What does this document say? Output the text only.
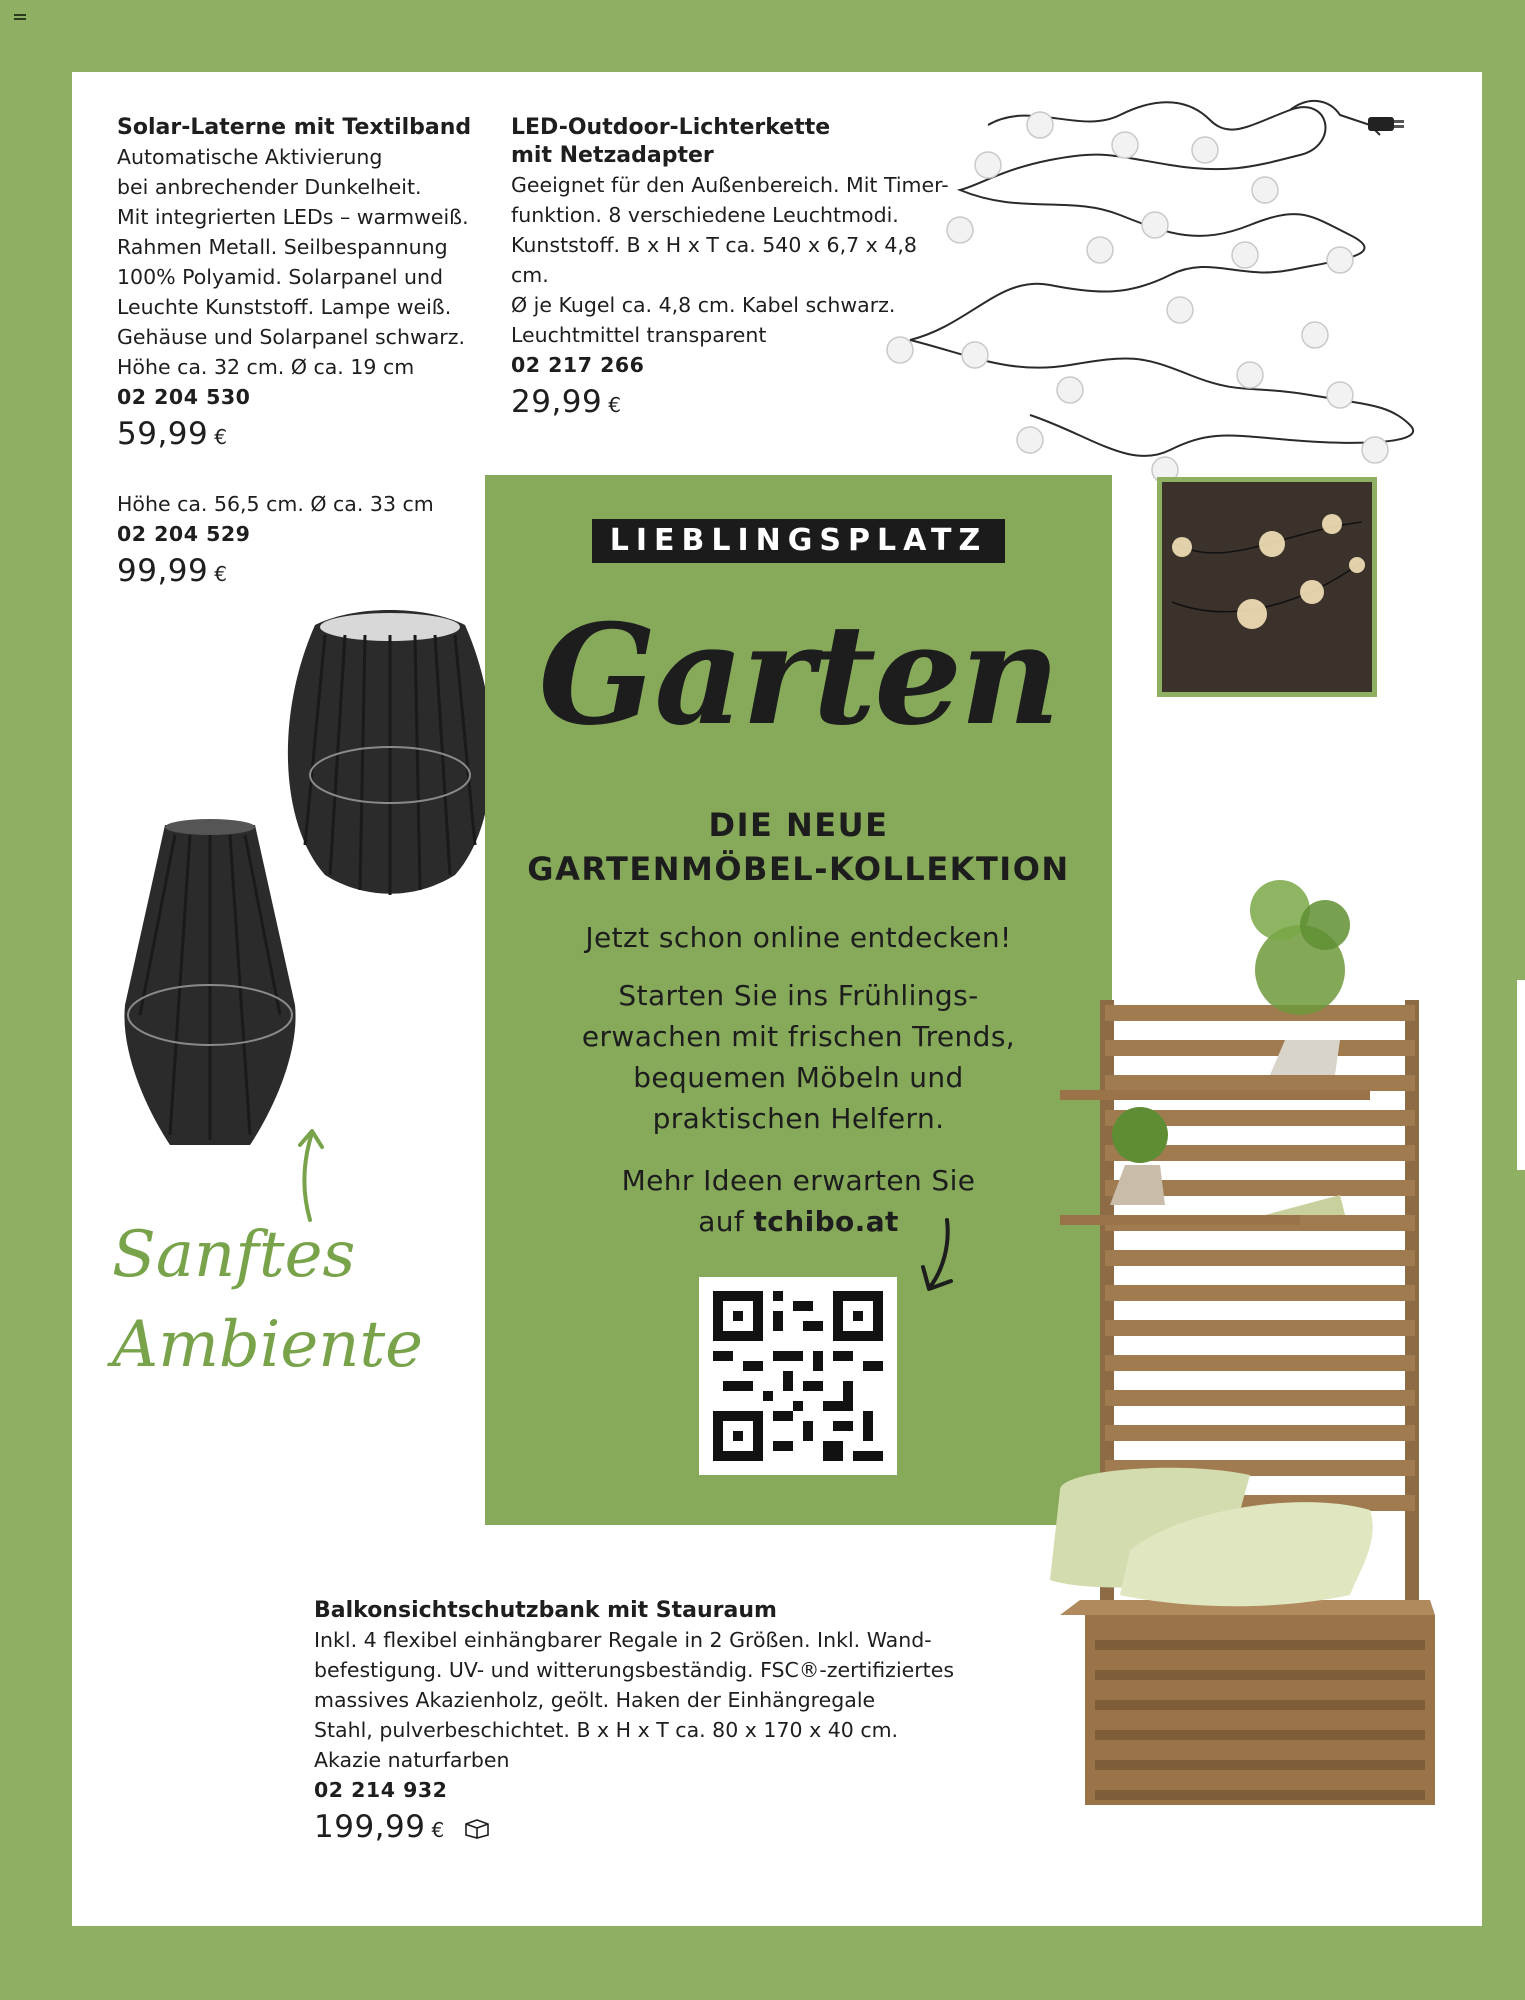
Solar-Laterne mit Textilband
Automatische Aktivierung
bei anbrechender Dunkelheit.
Mit integrierten LEDs – warmweiß.
Rahmen Metall. Seilbespannung
100% Polyamid. Solarpanel und
Leuchte Kunststoff. Lampe weiß.
Gehäuse und Solarpanel schwarz.
Höhe ca. 32 cm. Ø ca. 19 cm
02 204 530
59,99 €
Höhe ca. 56,5 cm. Ø ca. 33 cm
02 204 529
99,99 €
LED-Outdoor-Lichterkette
mit Netzadapter
Geeignet für den Außenbereich. Mit Timer-
funktion. 8 verschiedene Leuchtmodi.
Kunststoff. B x H x T ca. 540 x 6,7 x 4,8 cm.
Ø je Kugel ca. 4,8 cm. Kabel schwarz.
Leuchtmittel transparent
02 217 266
29,99 €
Sanftes
Ambiente
LIEBLINGSPLATZ
Garten
DIE NEUE
GARTENMÖBEL-KOLLEKTION
Jetzt schon online entdecken!
Starten Sie ins Frühlings-
erwachen mit frischen Trends,
bequemen Möbeln und
praktischen Helfern.
Mehr Ideen erwarten Sie
auf tchibo.at
Balkonsichtschutzbank mit Stauraum
Inkl. 4 flexibel einhängbarer Regale in 2 Größen. Inkl. Wand-
befestigung. UV- und witterungsbeständig. FSC®-zertifiziertes
massives Akazienholz, geölt. Haken der Einhängregale
Stahl, pulverbeschichtet. B x H x T ca. 80 x 170 x 40 cm.
Akazie naturfarben
02 214 932
199,99 €
